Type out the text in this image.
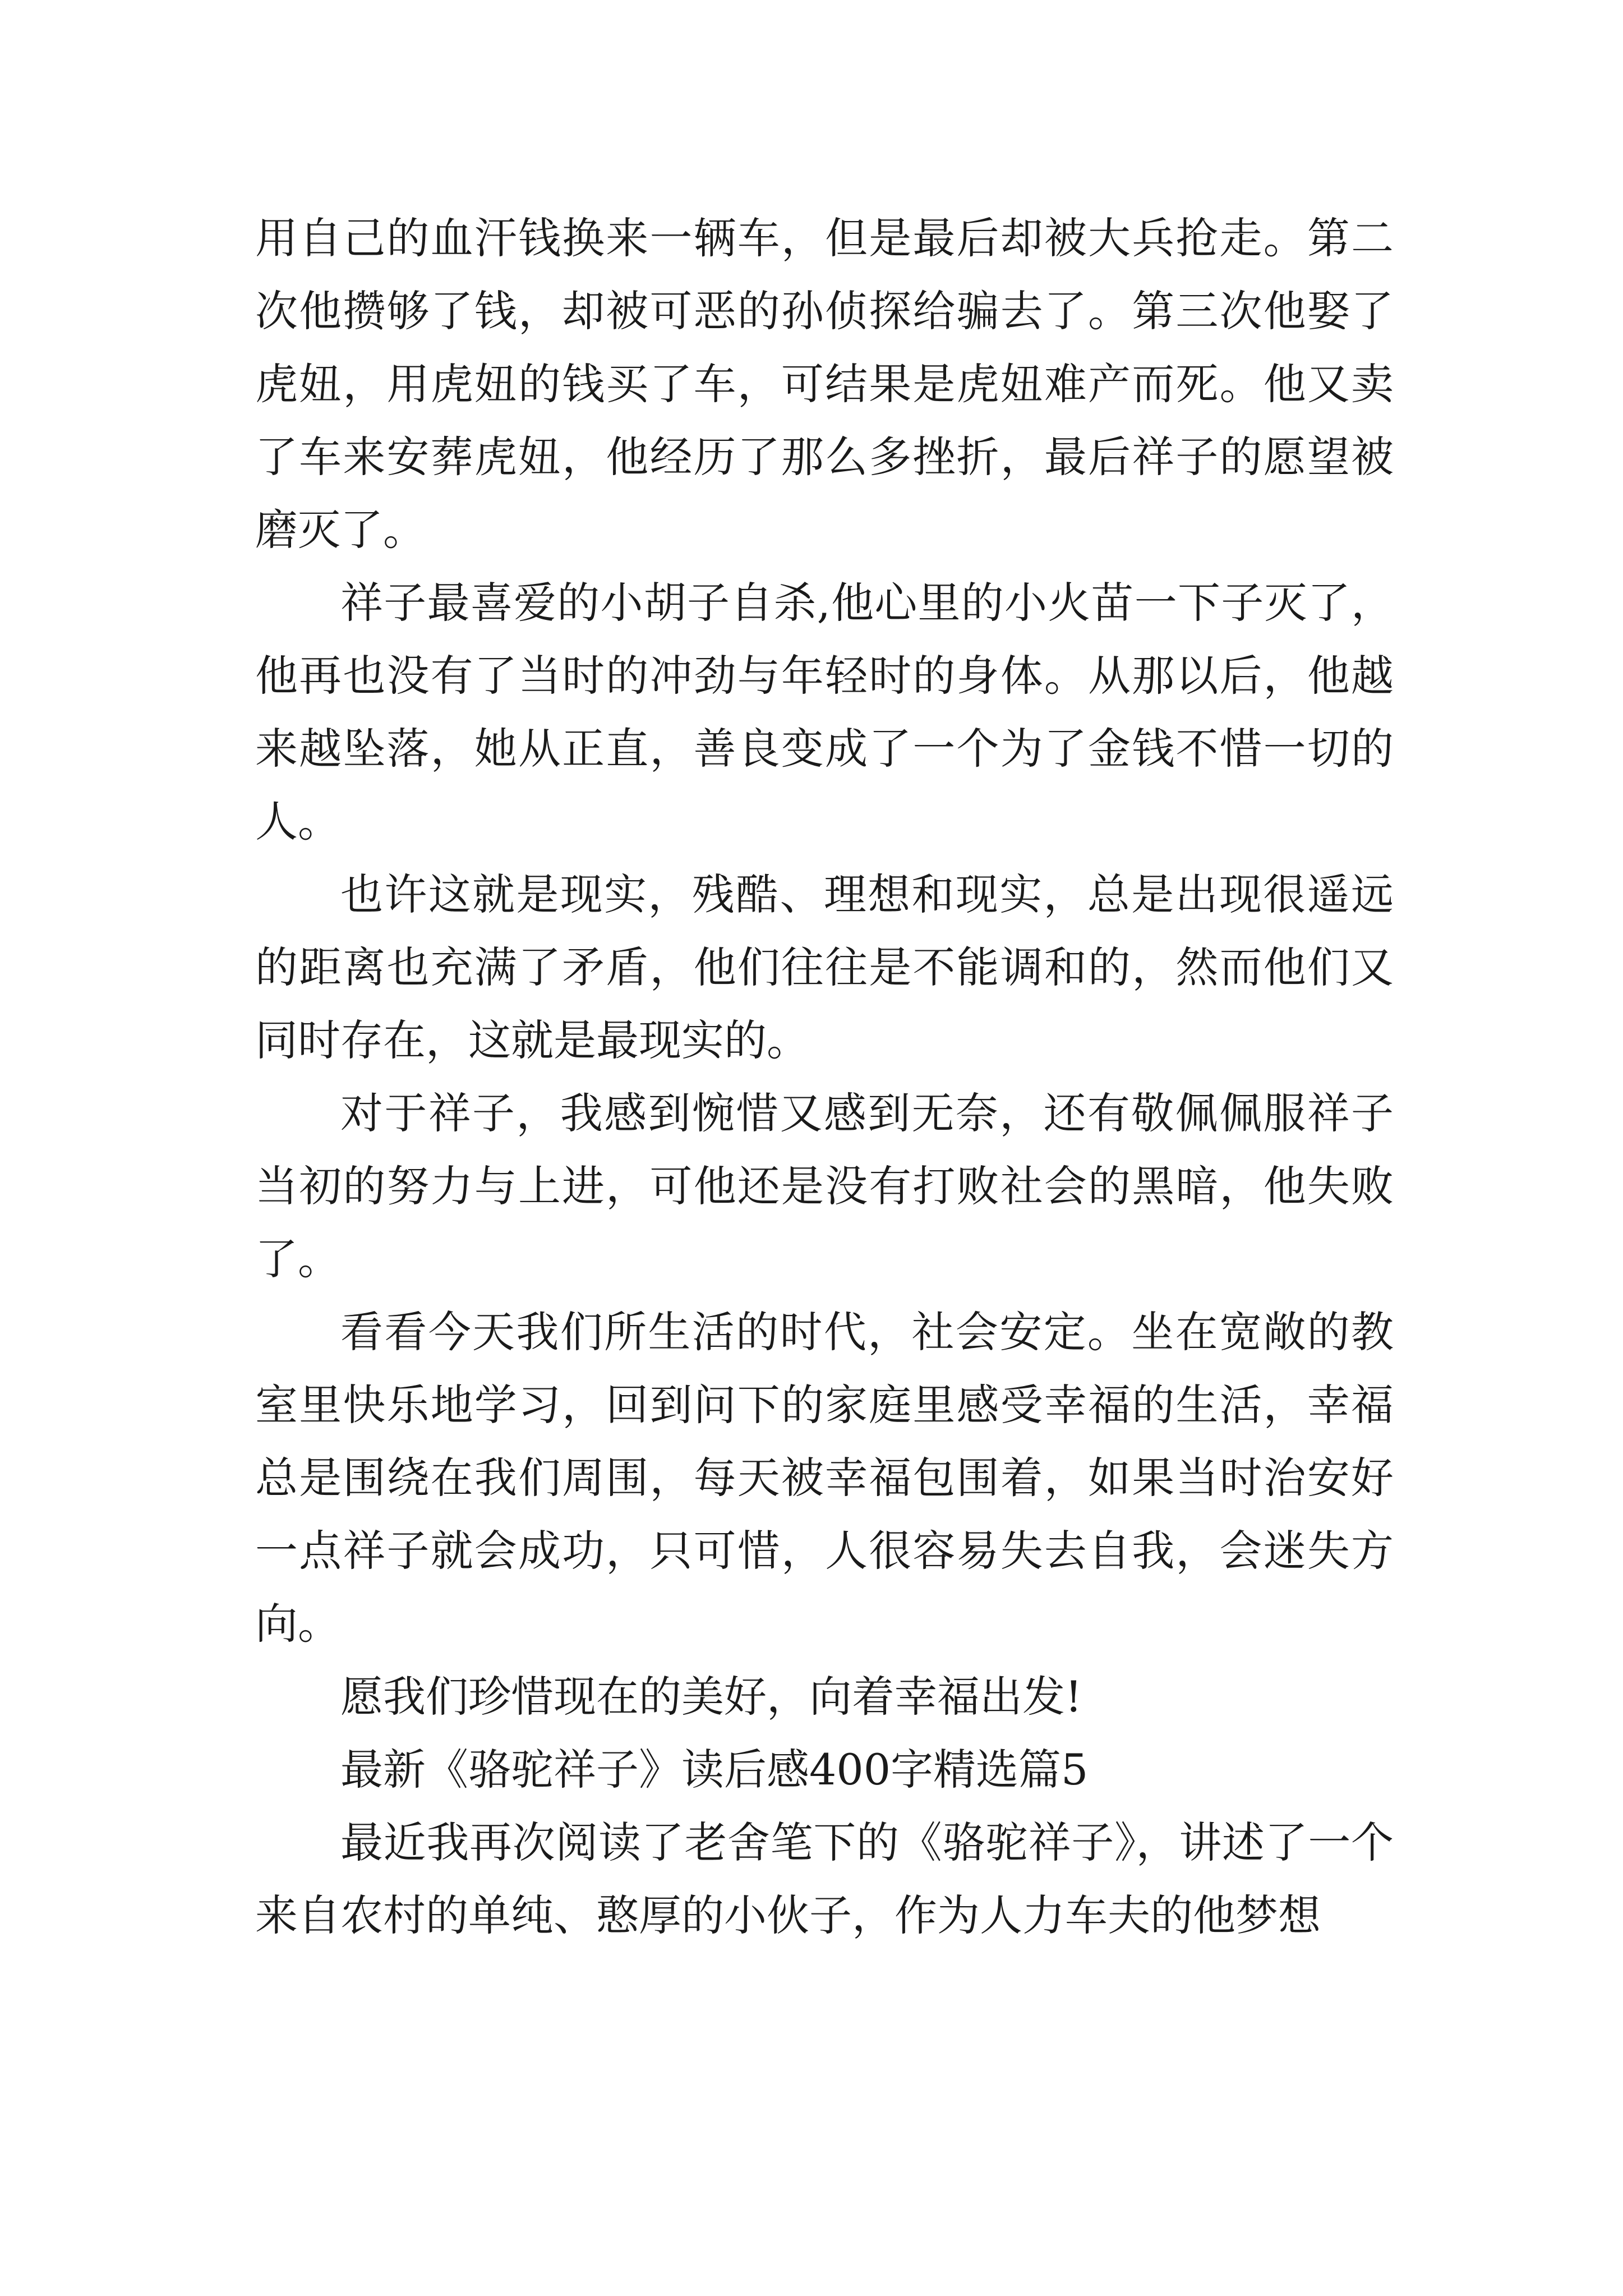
用自己的血汗钱换来一辆车，但是最后却被大兵抢走。第二次他攒够了钱，却被可恶的孙侦探给骗去了。第三次他娶了虎妞，用虎妞的钱买了车，可结果是虎妞难产而死。他又卖了车来安葬虎妞，他经历了那么多挫折，最后祥子的愿望被磨灭了。

祥子最喜爱的小胡子自杀,他心里的小火苗一下子灭了，他再也没有了当时的冲劲与年轻时的身体。从那以后，他越来越坠落，她从正直，善良变成了一个为了金钱不惜一切的人。

也许这就是现实，残酷、理想和现实，总是出现很遥远的距离也充满了矛盾，他们往往是不能调和的，然而他们又同时存在，这就是最现实的。

对于祥子，我感到惋惜又感到无奈，还有敬佩佩服祥子当初的努力与上进，可他还是没有打败社会的黑暗，他失败了。

看看今天我们所生活的时代，社会安定。坐在宽敞的教室里快乐地学习，回到问下的家庭里感受幸福的生活，幸福总是围绕在我们周围，每天被幸福包围着，如果当时治安好一点祥子就会成功，只可惜，人很容易失去自我，会迷失方向。

愿我们珍惜现在的美好，向着幸福出发!

最新《骆驼祥子》读后感400字精选篇5

最近我再次阅读了老舍笔下的《骆驼祥子》，讲述了一个来自农村的单纯、憨厚的小伙子，作为人力车夫的他梦想
